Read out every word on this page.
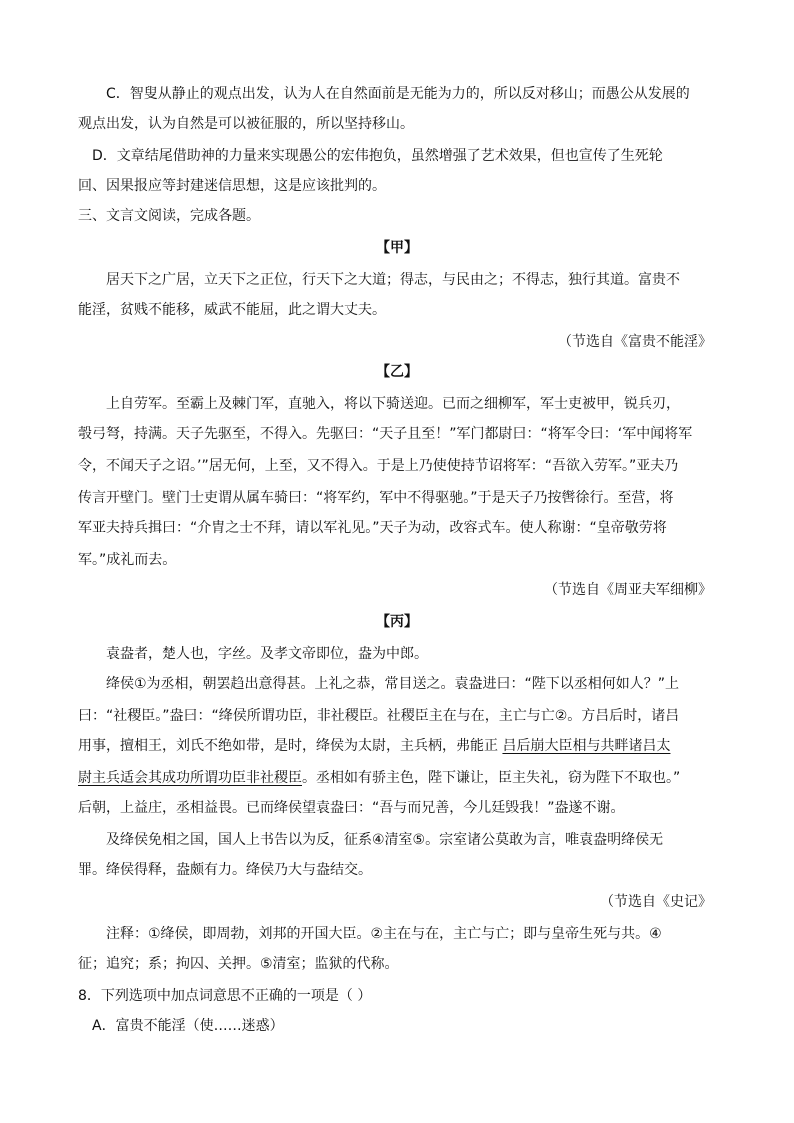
C．智叟从静止的观点出发，认为人在自然面前是无能为力的，所以反对移山；而愚公从发展的
观点出发，认为自然是可以被征服的，所以坚持移山。
D．文章结尾借助神的力量来实现愚公的宏伟抱负，虽然增强了艺术效果，但也宣传了生死轮
回、因果报应等封建迷信思想，这是应该批判的。
三、文言文阅读，完成各题。
【甲】
居天下之广居，立天下之正位，行天下之大道；得志，与民由之；不得志，独行其道。富贵不
能淫，贫贱不能移，威武不能屈，此之谓大丈夫。
（节选自《富贵不能淫》
【乙】
上自劳军。至霸上及棘门军，直驰入，将以下骑送迎。已而之细柳军，军士吏被甲，锐兵刃，
彀弓弩，持满。天子先驱至，不得入。先驱曰：“天子且至！”军门都尉曰：“将军令曰：‘军中闻将军
令，不闻天子之诏。’”居无何，上至，又不得入。于是上乃使使持节诏将军：“吾欲入劳军。”亚夫乃
传言开壁门。壁门士吏谓从属车骑曰：“将军约，军中不得驱驰。”于是天子乃按辔徐行。至营，将
军亚夫持兵揖曰：“介胄之士不拜，请以军礼见。”天子为动，改容式车。使人称谢：“皇帝敬劳将
军。”成礼而去。
（节选自《周亚夫军细柳》
【丙】
袁盎者，楚人也，字丝。及孝文帝即位，盎为中郎。
绛侯①为丞相，朝罢趋出意得甚。上礼之恭，常目送之。袁盎进曰：“陛下以丞相何如人？”上
曰：“社稷臣。”盎曰：“绛侯所谓功臣，非社稷臣。社稷臣主在与在，主亡与亡②。方吕后时，诸吕
用事，擅相王，刘氏不绝如带，是时，绛侯为太尉，主兵柄，弗能正 吕后崩大臣相与共畔诸吕太
尉主兵适会其成功所谓功臣非社稷臣。丞相如有骄主色，陛下谦让，臣主失礼，窃为陛下不取也。”
后朝，上益庄，丞相益畏。已而绛侯望袁盎曰：“吾与而兄善，今儿廷毁我！”盎遂不谢。
及绛侯免相之国，国人上书告以为反，征系④清室⑤。宗室诸公莫敢为言，唯袁盎明绛侯无
罪。绛侯得释，盎颇有力。绛侯乃大与盎结交。
（节选自《史记》
注释：①绛侯，即周勃，刘邦的开国大臣。②主在与在，主亡与亡；即与皇帝生死与共。④
征；追究；系；拘囚、关押。⑤清室；监狱的代称。
8．下列选项中加点词意思不正确的一项是（ ）
A．富贵不能淫（使……迷惑）
